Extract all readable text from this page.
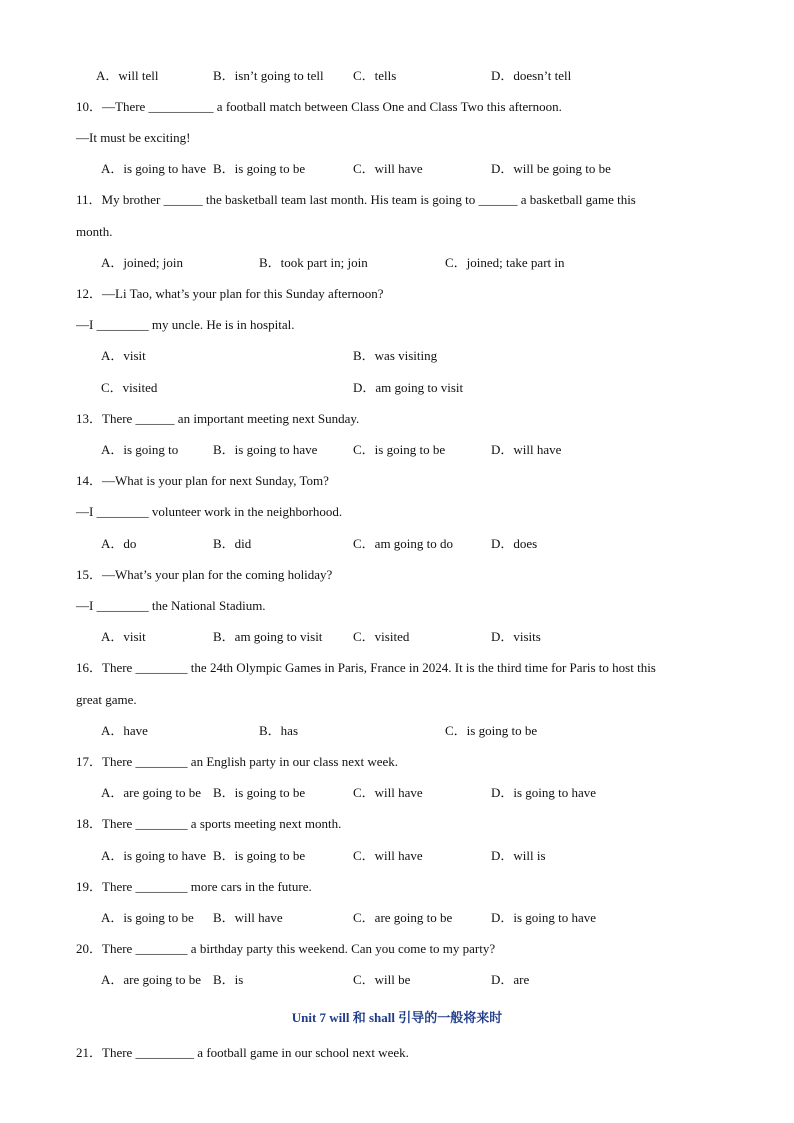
A．will tell	B．isn’t going to tell C．tells	D．doesn’t tell
10．—There __________ a football match between Class One and Class Two this afternoon.
—It must be exciting!
A．is going to have B．is going to be	C．will have	D．will be going to be
11．My brother ______ the basketball team last month. His team is going to ______ a basketball game this
month.
A．joined; join	B．took part in; join	C．joined; take part in
12．—Li Tao, what’s your plan for this Sunday afternoon?
—I ________ my uncle. He is in hospital.
A．visit	B．was visiting
C．visited	D．am going to visit
13．There ______ an important meeting next Sunday.
A．is going to	B．is going to have	C．is going to be	D．will have
14．—What is your plan for next Sunday, Tom?
—I ________ volunteer work in the neighborhood.
A．do	B．did	C．am going to do	D．does
15．—What’s your plan for the coming holiday?
—I ________ the National Stadium.
A．visit	B．am going to visit C．visited	D．visits
16．There ________ the 24th Olympic Games in Paris, France in 2024. It is the third time for Paris to host this
great game.
A．have	B．has	C．is going to be
17．There ________ an English party in our class next week.
A．are going to be B．is going to be	C．will have	D．is going to have
18．There ________ a sports meeting next month.
A．is going to have B．is going to be	C．will have	D．will is
19．There ________ more cars in the future.
A．is going to be B．will have	C．are going to be	D．is going to have
20．There ________ a birthday party this weekend. Can you come to my party?
A．are going to be B．is	C．will be	D．are
Unit 7 will 和 shall 引导的一般将来时
21．There _________ a football game in our school next week.
